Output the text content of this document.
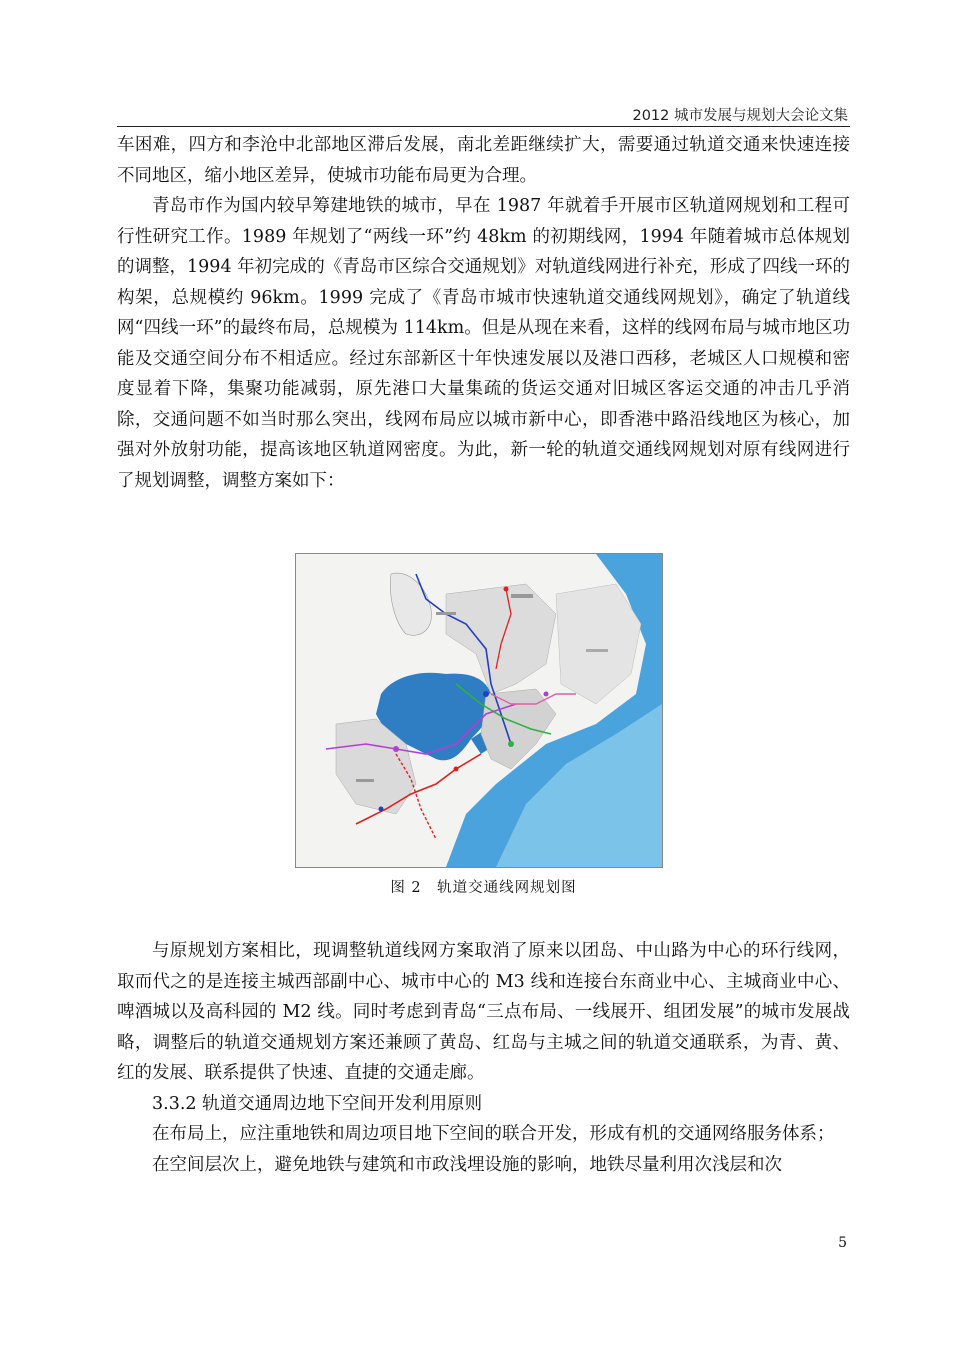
2012 城市发展与规划大会论文集

车困难，四方和李沧中北部地区滞后发展，南北差距继续扩大，需要通过轨道交通来快速连接不同地区，缩小地区差异，使城市功能布局更为合理。

青岛市作为国内较早筹建地铁的城市，早在 1987 年就着手开展市区轨道网规划和工程可行性研究工作。1989 年规划了“两线一环”约 48km 的初期线网，1994 年随着城市总体规划的调整，1994 年初完成的《青岛市区综合交通规划》对轨道线网进行补充，形成了四线一环的构架，总规模约 96km。1999 完成了《青岛市城市快速轨道交通线网规划》，确定了轨道线网“四线一环”的最终布局，总规模为 114km。但是从现在来看，这样的线网布局与城市地区功能及交通空间分布不相适应。经过东部新区十年快速发展以及港口西移，老城区人口规模和密度显着下降，集聚功能减弱，原先港口大量集疏的货运交通对旧城区客运交通的冲击几乎消除，交通问题不如当时那么突出，线网布局应以城市新中心，即香港中路沿线地区为核心，加强对外放射功能，提高该地区轨道网密度。为此，新一轮的轨道交通线网规划对原有线网进行了规划调整，调整方案如下：

图 2　轨道交通线网规划图

与原规划方案相比，现调整轨道线网方案取消了原来以团岛、中山路为中心的环行线网，取而代之的是连接主城西部副中心、城市中心的 M3 线和连接台东商业中心、主城商业中心、啤酒城以及高科园的 M2 线。同时考虑到青岛“三点布局、一线展开、组团发展”的城市发展战略，调整后的轨道交通规划方案还兼顾了黄岛、红岛与主城之间的轨道交通联系，为青、黄、红的发展、联系提供了快速、直捷的交通走廊。

3.3.2 轨道交通周边地下空间开发利用原则

在布局上，应注重地铁和周边项目地下空间的联合开发，形成有机的交通网络服务体系；

在空间层次上，避免地铁与建筑和市政浅埋设施的影响，地铁尽量利用次浅层和次

5
